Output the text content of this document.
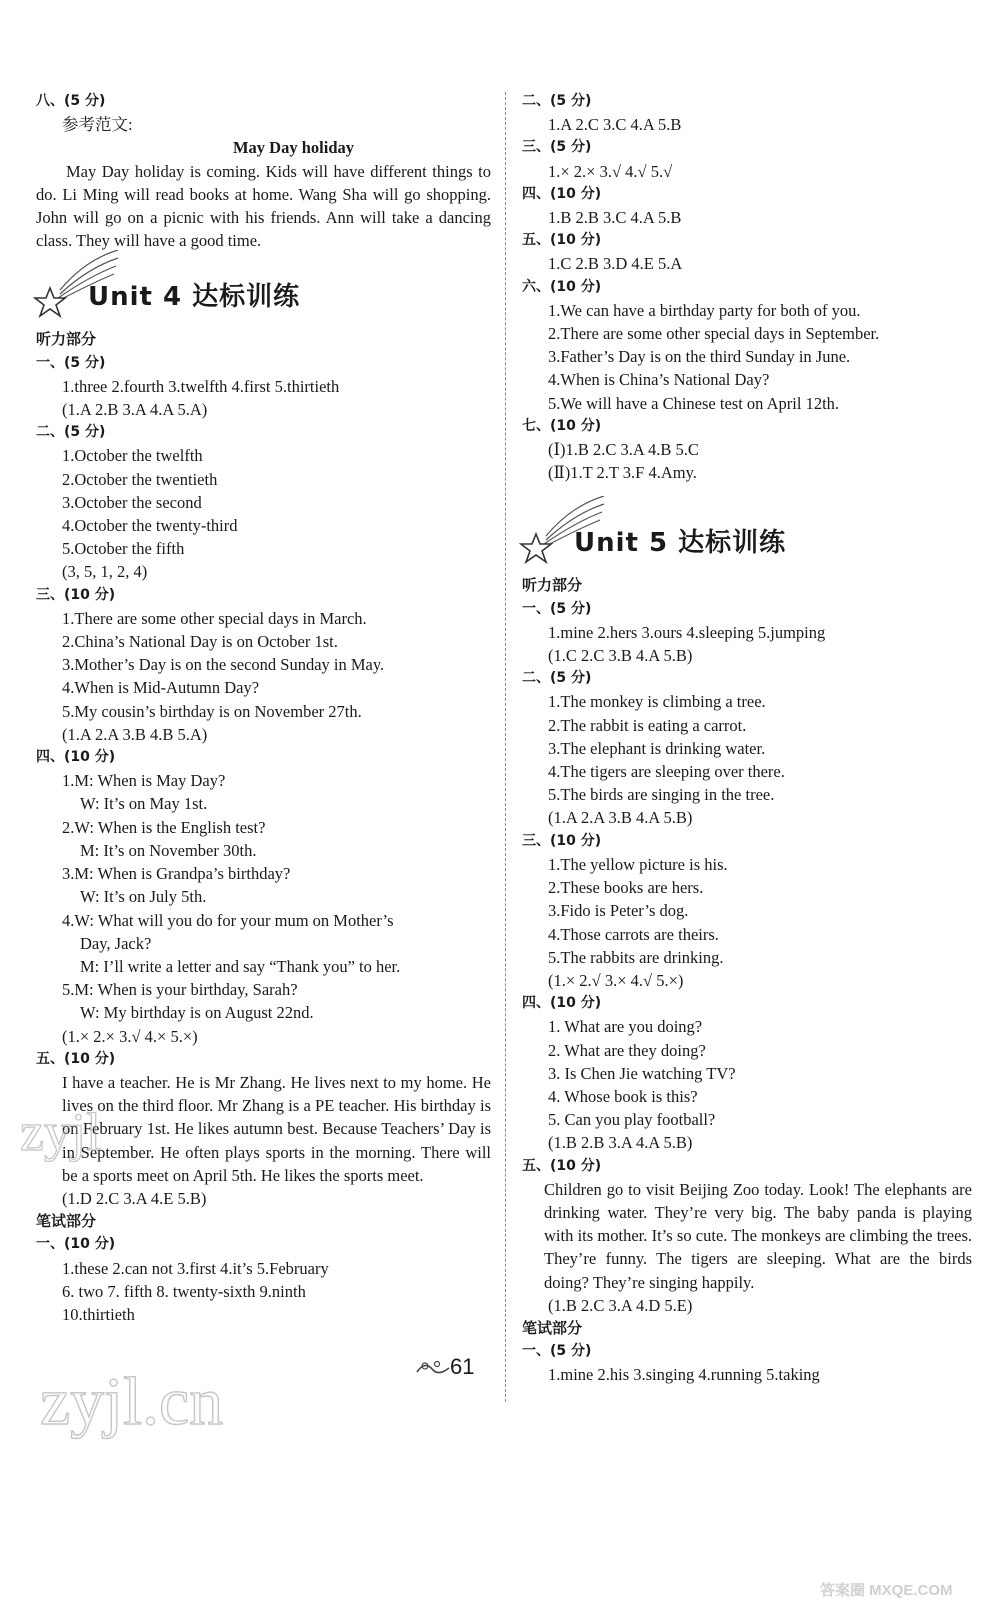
八、(5 分)
参考范文:
May Day holiday
May Day holiday is coming. Kids will have different things to do. Li Ming will read books at home. Wang Sha will go shopping. John will go on a picnic with his friends. Ann will take a dancing class. They will have a good time.
Unit 4 达标训练
听力部分
一、(5 分)
1.three 2.fourth 3.twelfth 4.first 5.thirtieth
(1.A 2.B 3.A 4.A 5.A)
二、(5 分)
1.October the twelfth
2.October the twentieth
3.October the second
4.October the twenty-third
5.October the fifth
(3, 5, 1, 2, 4)
三、(10 分)
1.There are some other special days in March.
2.China’s National Day is on October 1st.
3.Mother’s Day is on the second Sunday in May.
4.When is Mid-Autumn Day?
5.My cousin’s birthday is on November 27th.
(1.A 2.A 3.B 4.B 5.A)
四、(10 分)
1.M: When is May Day?
W: It’s on May 1st.
2.W: When is the English test?
M: It’s on November 30th.
3.M: When is Grandpa’s birthday?
W: It’s on July 5th.
4.W: What will you do for your mum on Mother’s
Day, Jack?
M: I’ll write a letter and say “Thank you” to her.
5.M: When is your birthday, Sarah?
W: My birthday is on August 22nd.
(1.× 2.× 3.√ 4.× 5.×)
五、(10 分)
I have a teacher. He is Mr Zhang. He lives next to my home. He lives on the third floor. Mr Zhang is a PE teacher. His birthday is on February 1st. He likes autumn best. Because Teachers’ Day is in September. He often plays sports in the morning. There will be a sports meet on April 5th. He likes the sports meet.
(1.D 2.C 3.A 4.E 5.B)
笔试部分
一、(10 分)
1.these 2.can not 3.first 4.it’s 5.February
6. two 7. fifth 8. twenty-sixth 9.ninth
10.thirtieth
二、(5 分)
1.A 2.C 3.C 4.A 5.B
三、(5 分)
1.× 2.× 3.√ 4.√ 5.√
四、(10 分)
1.B 2.B 3.C 4.A 5.B
五、(10 分)
1.C 2.B 3.D 4.E 5.A
六、(10 分)
1.We can have a birthday party for both of you.
2.There are some other special days in September.
3.Father’s Day is on the third Sunday in June.
4.When is China’s National Day?
5.We will have a Chinese test on April 12th.
七、(10 分)
(Ⅰ)1.B 2.C 3.A 4.B 5.C
(Ⅱ)1.T 2.T 3.F 4.Amy.
Unit 5 达标训练
听力部分
一、(5 分)
1.mine 2.hers 3.ours 4.sleeping 5.jumping
(1.C 2.C 3.B 4.A 5.B)
二、(5 分)
1.The monkey is climbing a tree.
2.The rabbit is eating a carrot.
3.The elephant is drinking water.
4.The tigers are sleeping over there.
5.The birds are singing in the tree.
(1.A 2.A 3.B 4.A 5.B)
三、(10 分)
1.The yellow picture is his.
2.These books are hers.
3.Fido is Peter’s dog.
4.Those carrots are theirs.
5.The rabbits are drinking.
(1.× 2.√ 3.× 4.√ 5.×)
四、(10 分)
1. What are you doing?
2. What are they doing?
3. Is Chen Jie watching TV?
4. Whose book is this?
5. Can you play football?
(1.B 2.B 3.A 4.A 5.B)
五、(10 分)
Children go to visit Beijing Zoo today. Look! The elephants are drinking water. They’re very big. The baby panda is playing with its mother. It’s so cute. The monkeys are climbing the trees. They’re funny. The tigers are sleeping. What are the birds doing? They’re singing happily.
(1.B 2.C 3.A 4.D 5.E)
笔试部分
一、(5 分)
1.mine 2.his 3.singing 4.running 5.taking
61
zyjl
zyjl.cn
答案圈 MXQE.COM
